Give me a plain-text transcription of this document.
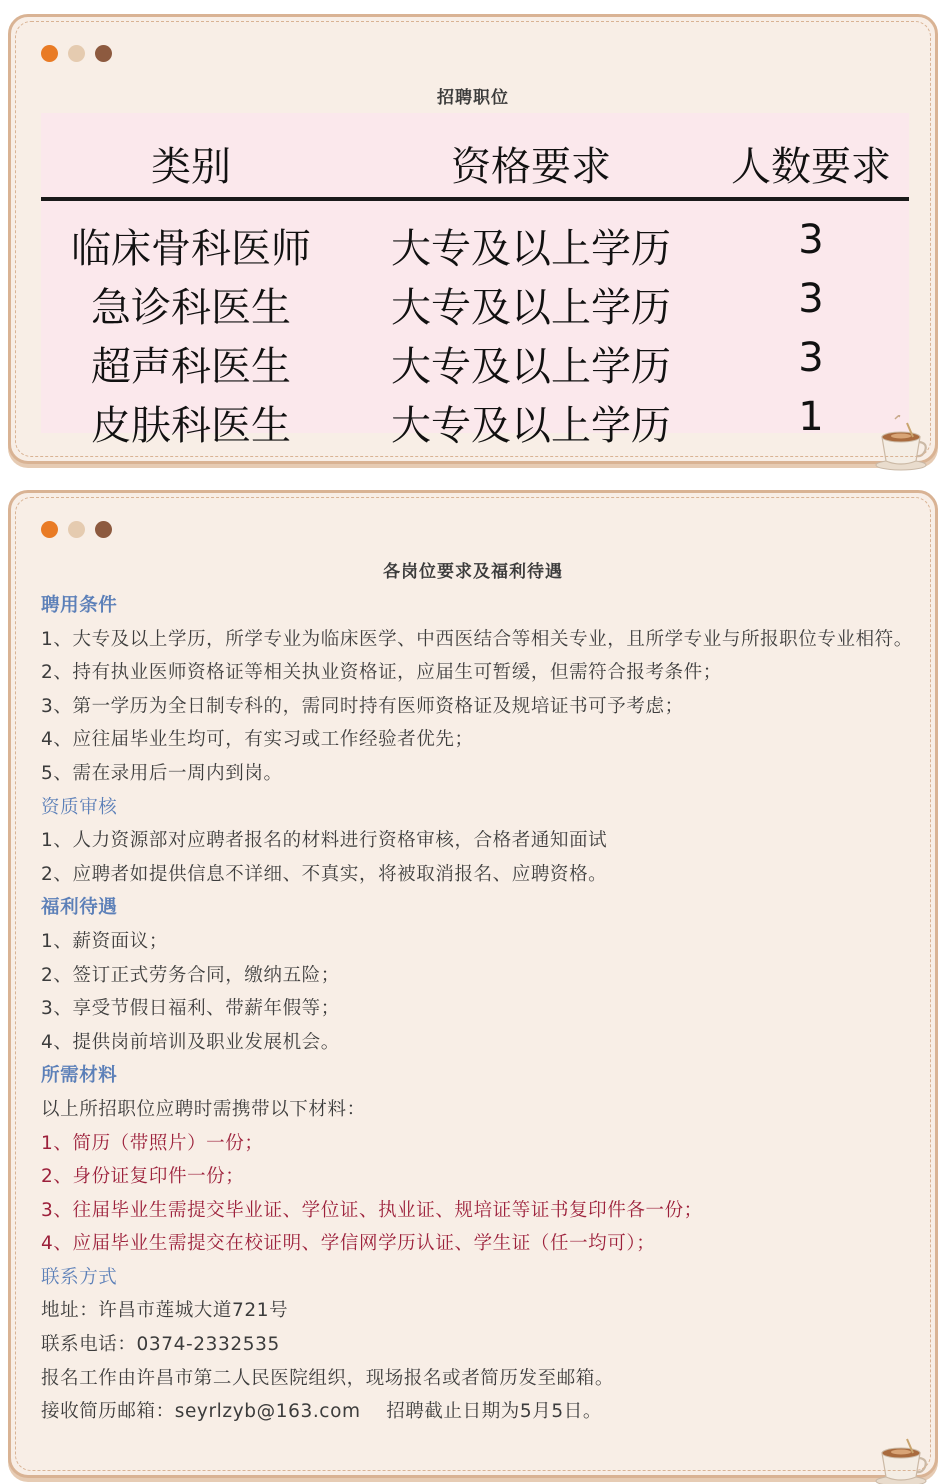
招聘职位
类别	资格要求	人数要求
临床骨科医师	大专及以上学历	3
急诊科医生	大专及以上学历	3
超声科医生	大专及以上学历	3
皮肤科医生	大专及以上学历	1
各岗位要求及福利待遇
聘用条件
1、大专及以上学历，所学专业为临床医学、中西医结合等相关专业，且所学专业与所报职位专业相符。
2、持有执业医师资格证等相关执业资格证，应届生可暂缓，但需符合报考条件；
3、第一学历为全日制专科的，需同时持有医师资格证及规培证书可予考虑；
4、应往届毕业生均可，有实习或工作经验者优先；
5、需在录用后一周内到岗。
资质审核
1、人力资源部对应聘者报名的材料进行资格审核，合格者通知面试
2、应聘者如提供信息不详细、不真实，将被取消报名、应聘资格。
福利待遇
1、薪资面议；
2、签订正式劳务合同，缴纳五险；
3、享受节假日福利、带薪年假等；
4、提供岗前培训及职业发展机会。
所需材料
以上所招职位应聘时需携带以下材料：
1、简历（带照片）一份；
2、身份证复印件一份；
3、往届毕业生需提交毕业证、学位证、执业证、规培证等证书复印件各一份；
4、应届毕业生需提交在校证明、学信网学历认证、学生证（任一均可）；
联系方式
地址：许昌市莲城大道721号
联系电话：0374-2332535
报名工作由许昌市第二人民医院组织，现场报名或者简历发至邮箱。
接收简历邮箱：seyrlzyb@163.com　 招聘截止日期为5月5日。
